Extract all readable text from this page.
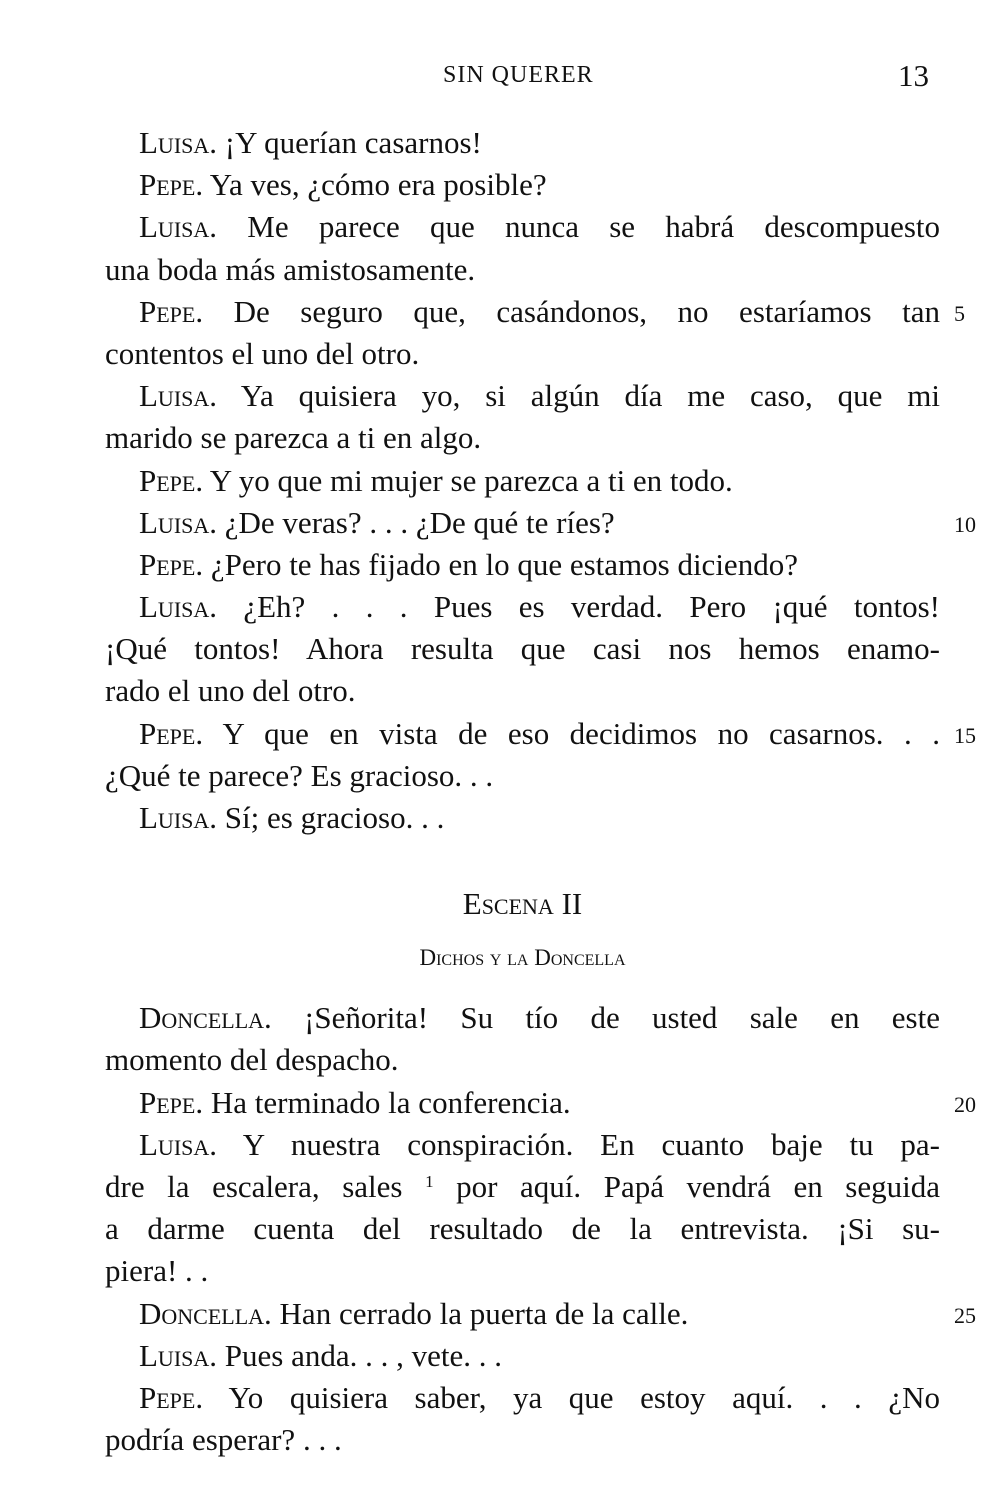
SIN QUERER	13
Luisa. ¡Y querían casarnos!
Pepe. Ya ves, ¿cómo era posible?
Luisa. Me parece que nunca se habrá descompuesto
una boda más amistosamente.
Pepe. De seguro que, casándonos, no estaríamos tan 5
contentos el uno del otro.
Luisa. Ya quisiera yo, si algún día me caso, que mi
marido se parezca a ti en algo.
Pepe. Y yo que mi mujer se parezca a ti en todo.
Luisa. ¿De veras? . . . ¿De qué te ríes?	10
Pepe. ¿Pero te has fijado en lo que estamos diciendo?
Luisa. ¿Eh? . . . Pues es verdad. Pero ¡qué tontos!
¡Qué tontos! Ahora resulta que casi nos hemos enamo-
rado el uno del otro.
Pepe. Y que en vista de eso decidimos no casarnos. . . 15
¿Qué te parece? Es gracioso. . .
Luisa. Sí; es gracioso. . .
Escena II
Dichos y la Doncella
Doncella. ¡Señorita! Su tío de usted sale en este
momento del despacho.
Pepe. Ha terminado la conferencia.	20
Luisa. Y nuestra conspiración. En cuanto baje tu pa-
dre la escalera, sales $^1$ por aquí. Papá vendrá en seguida
a darme cuenta del resultado de la entrevista. ¡Si su-
piera! . .
Doncella. Han cerrado la puerta de la calle.	25
Luisa. Pues anda. . . , vete. . .
Pepe. Yo quisiera saber, ya que estoy aquí. . . ¿No
podría esperar? . . .
